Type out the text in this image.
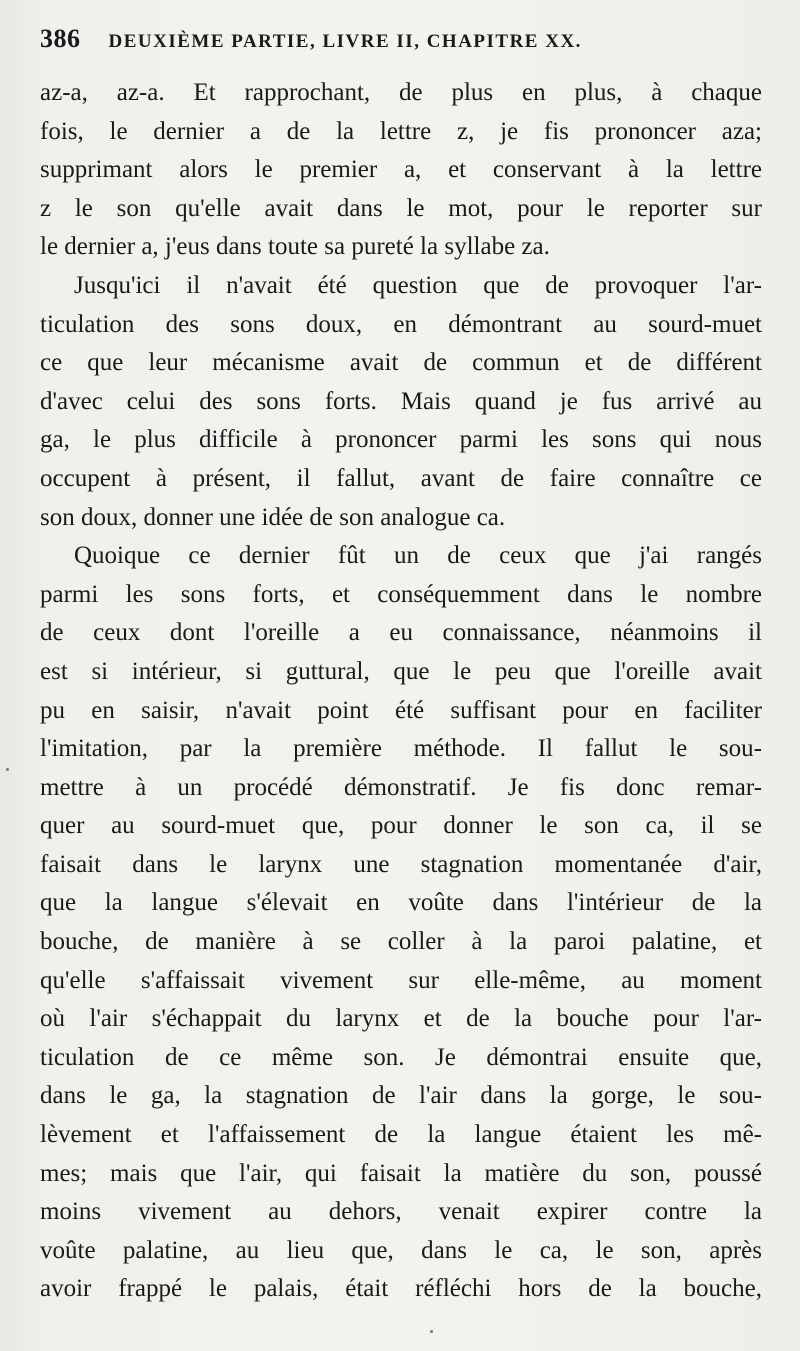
386 DEUXIÈME PARTIE, LIVRE II, CHAPITRE XX.
az-a, az-a. Et rapprochant, de plus en plus, à chaque
fois, le dernier a de la lettre z, je fis prononcer aza;
supprimant alors le premier a, et conservant à la lettre
z le son qu'elle avait dans le mot, pour le reporter sur
le dernier a, j'eus dans toute sa pureté la syllabe za.
Jusqu'ici il n'avait été question que de provoquer l'ar-
ticulation des sons doux, en démontrant au sourd-muet
ce que leur mécanisme avait de commun et de différent
d'avec celui des sons forts. Mais quand je fus arrivé au
ga, le plus difficile à prononcer parmi les sons qui nous
occupent à présent, il fallut, avant de faire connaître ce
son doux, donner une idée de son analogue ca.
Quoique ce dernier fût un de ceux que j'ai rangés
parmi les sons forts, et conséquemment dans le nombre
de ceux dont l'oreille a eu connaissance, néanmoins il
est si intérieur, si guttural, que le peu que l'oreille avait
pu en saisir, n'avait point été suffisant pour en faciliter
l'imitation, par la première méthode. Il fallut le sou-
mettre à un procédé démonstratif. Je fis donc remar-
quer au sourd-muet que, pour donner le son ca, il se
faisait dans le larynx une stagnation momentanée d'air,
que la langue s'élevait en voûte dans l'intérieur de la
bouche, de manière à se coller à la paroi palatine, et
qu'elle s'affaissait vivement sur elle-même, au moment
où l'air s'échappait du larynx et de la bouche pour l'ar-
ticulation de ce même son. Je démontrai ensuite que,
dans le ga, la stagnation de l'air dans la gorge, le sou-
lèvement et l'affaissement de la langue étaient les mê-
mes; mais que l'air, qui faisait la matière du son, poussé
moins vivement au dehors, venait expirer contre la
voûte palatine, au lieu que, dans le ca, le son, après
avoir frappé le palais, était réfléchi hors de la bouche,
